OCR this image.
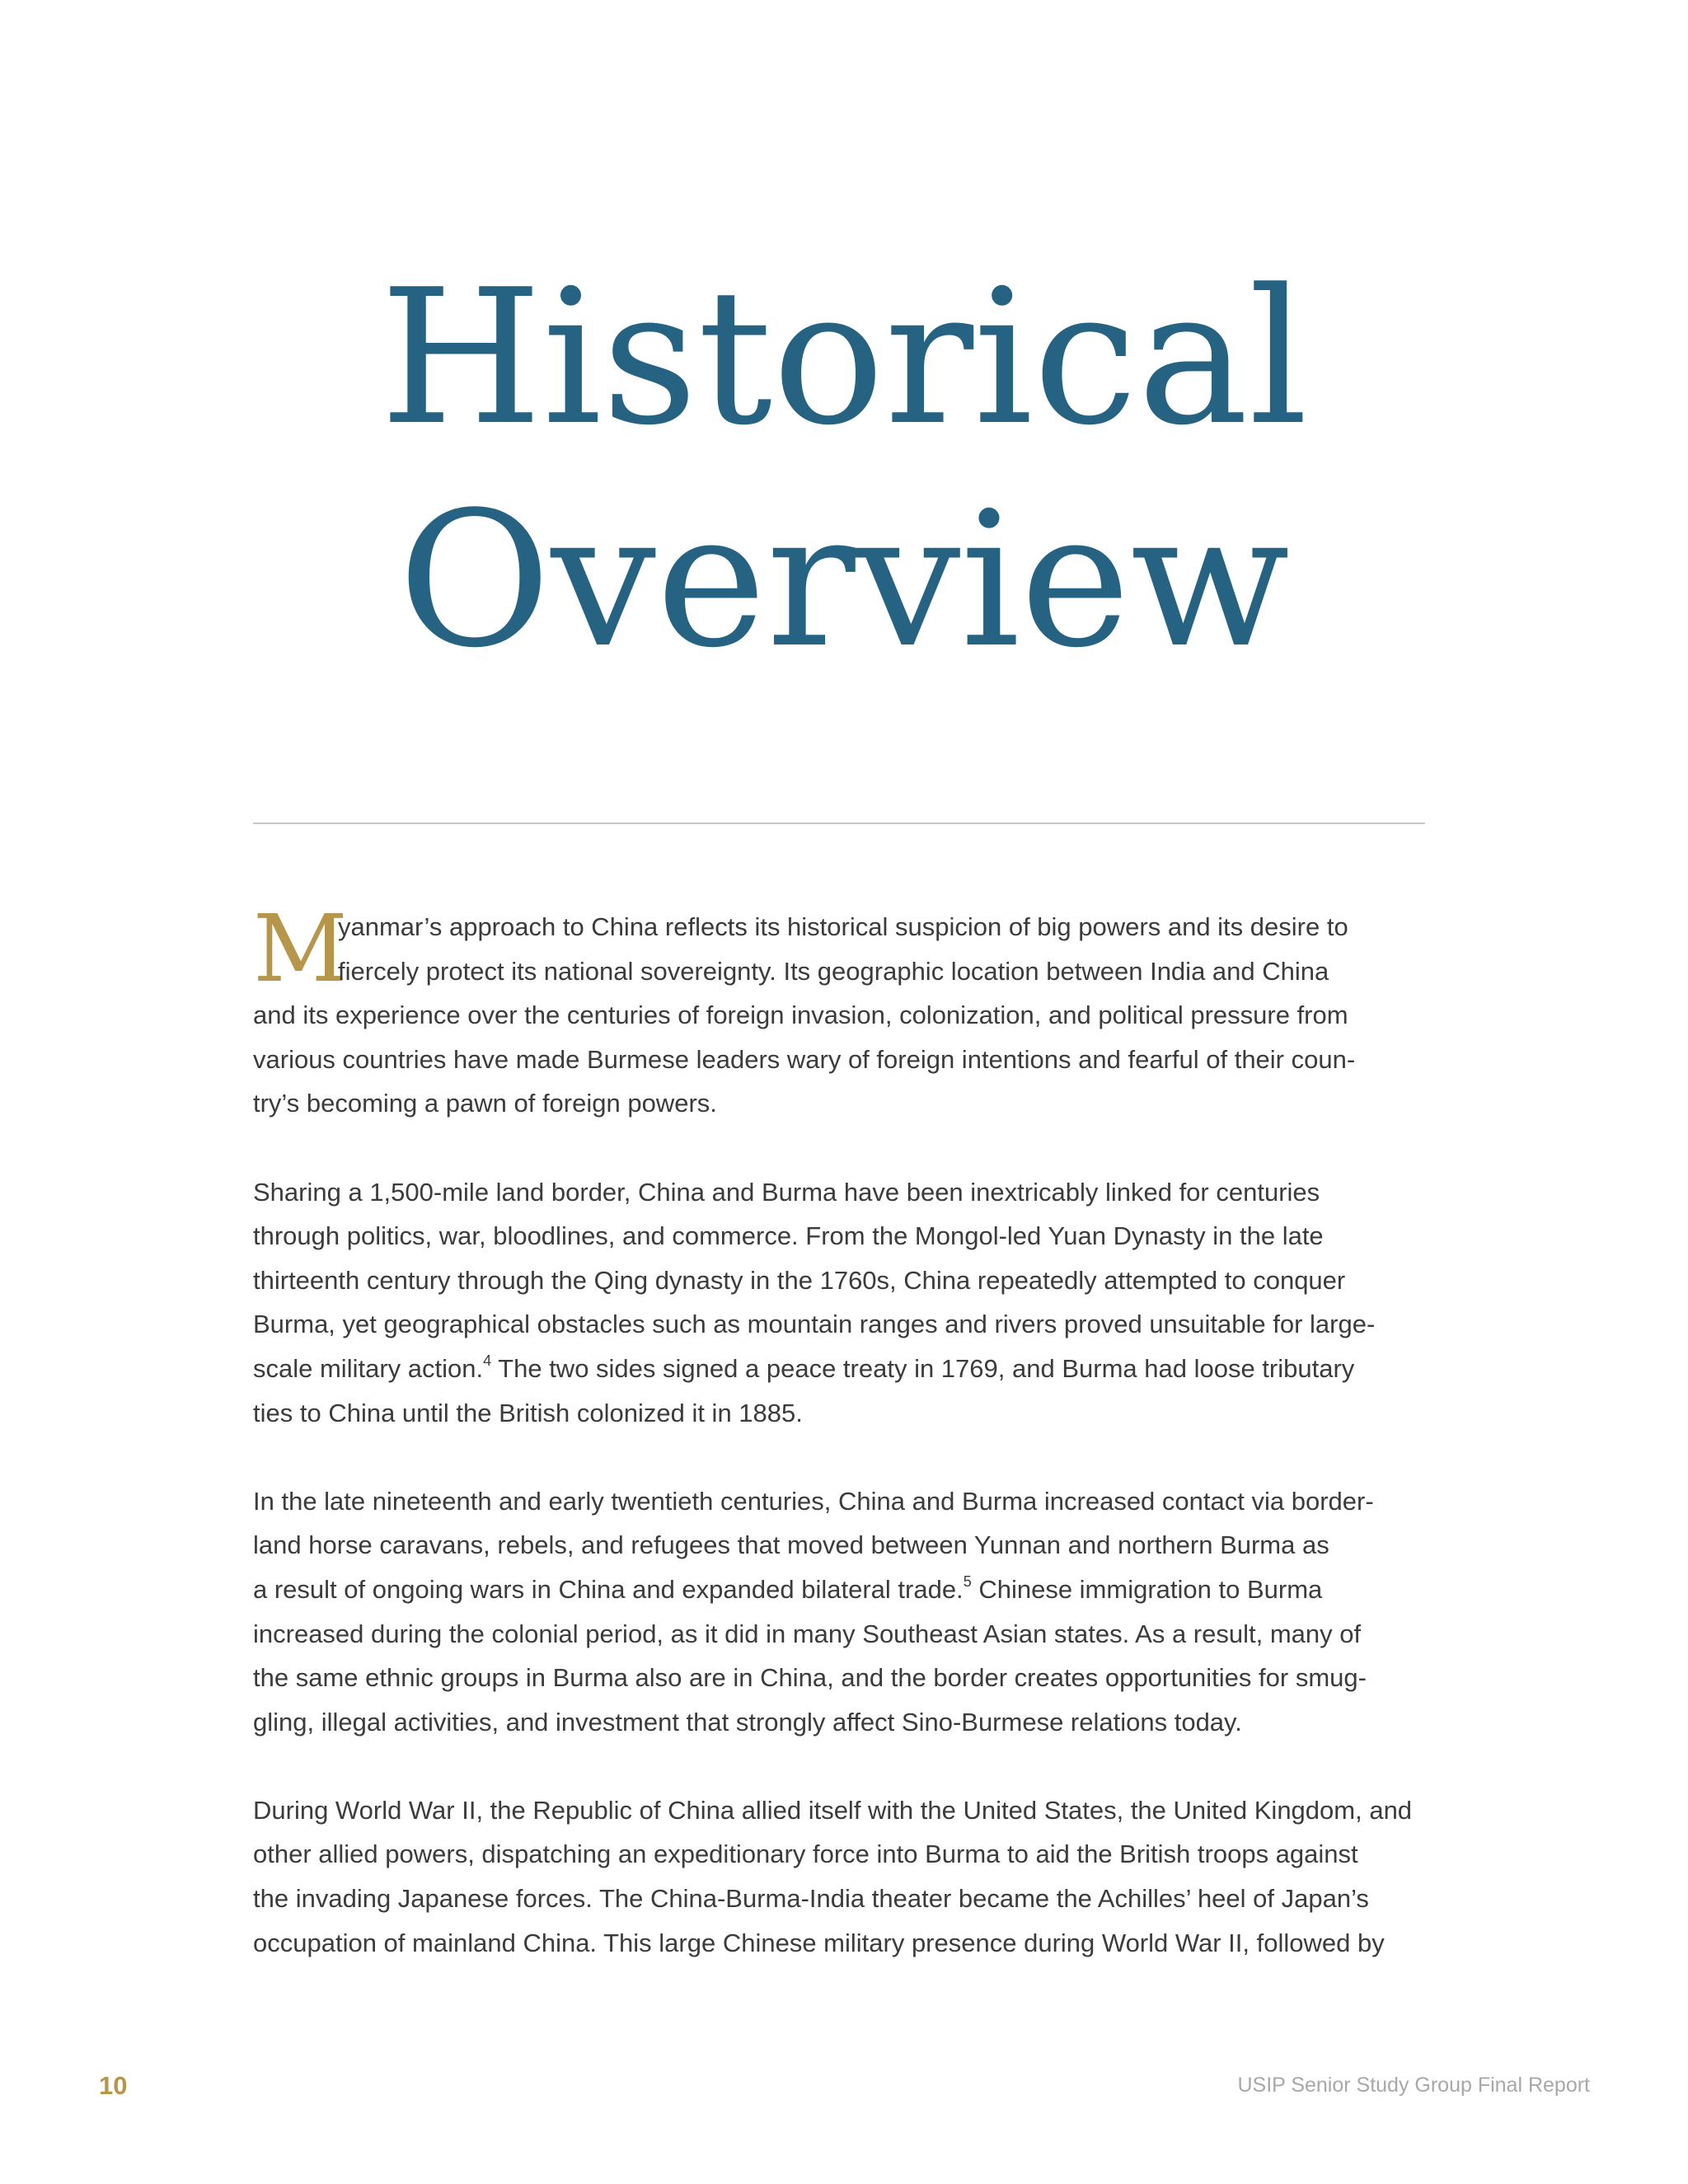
Historical
Overview
M

yanmar’s approach to China reflects its historical suspicion of big powers and its desire to
fiercely protect its national sovereignty. Its geographic location between India and China
and its experience over the centuries of foreign invasion, colonization, and political pressure from
various countries have made Burmese leaders wary of foreign intentions and fearful of their coun-
try’s becoming a pawn of foreign powers.

Sharing a 1,500-mile land border, China and Burma have been inextricably linked for centuries
through politics, war, bloodlines, and commerce. From the Mongol-led Yuan Dynasty in the late
thirteenth century through the Qing dynasty in the 1760s, China repeatedly attempted to conquer
Burma, yet geographical obstacles such as mountain ranges and rivers proved unsuitable for large-
scale military action.$^4$ The two sides signed a peace treaty in 1769, and Burma had loose tributary
ties to China until the British colonized it in 1885.

In the late nineteenth and early twentieth centuries, China and Burma increased contact via border-
land horse caravans, rebels, and refugees that moved between Yunnan and northern Burma as
a result of ongoing wars in China and expanded bilateral trade.$^5$ Chinese immigration to Burma
increased during the colonial period, as it did in many Southeast Asian states. As a result, many of
the same ethnic groups in Burma also are in China, and the border creates opportunities for smug-
gling, illegal activities, and investment that strongly affect Sino-Burmese relations today.

During World War II, the Republic of China allied itself with the United States, the United Kingdom, and
other allied powers, dispatching an expeditionary force into Burma to aid the British troops against
the invading Japanese forces. The China-Burma-India theater became the Achilles’ heel of Japan’s
occupation of mainland China. This large Chinese military presence during World War II, followed by

10	USIP Senior Study Group Final Report
